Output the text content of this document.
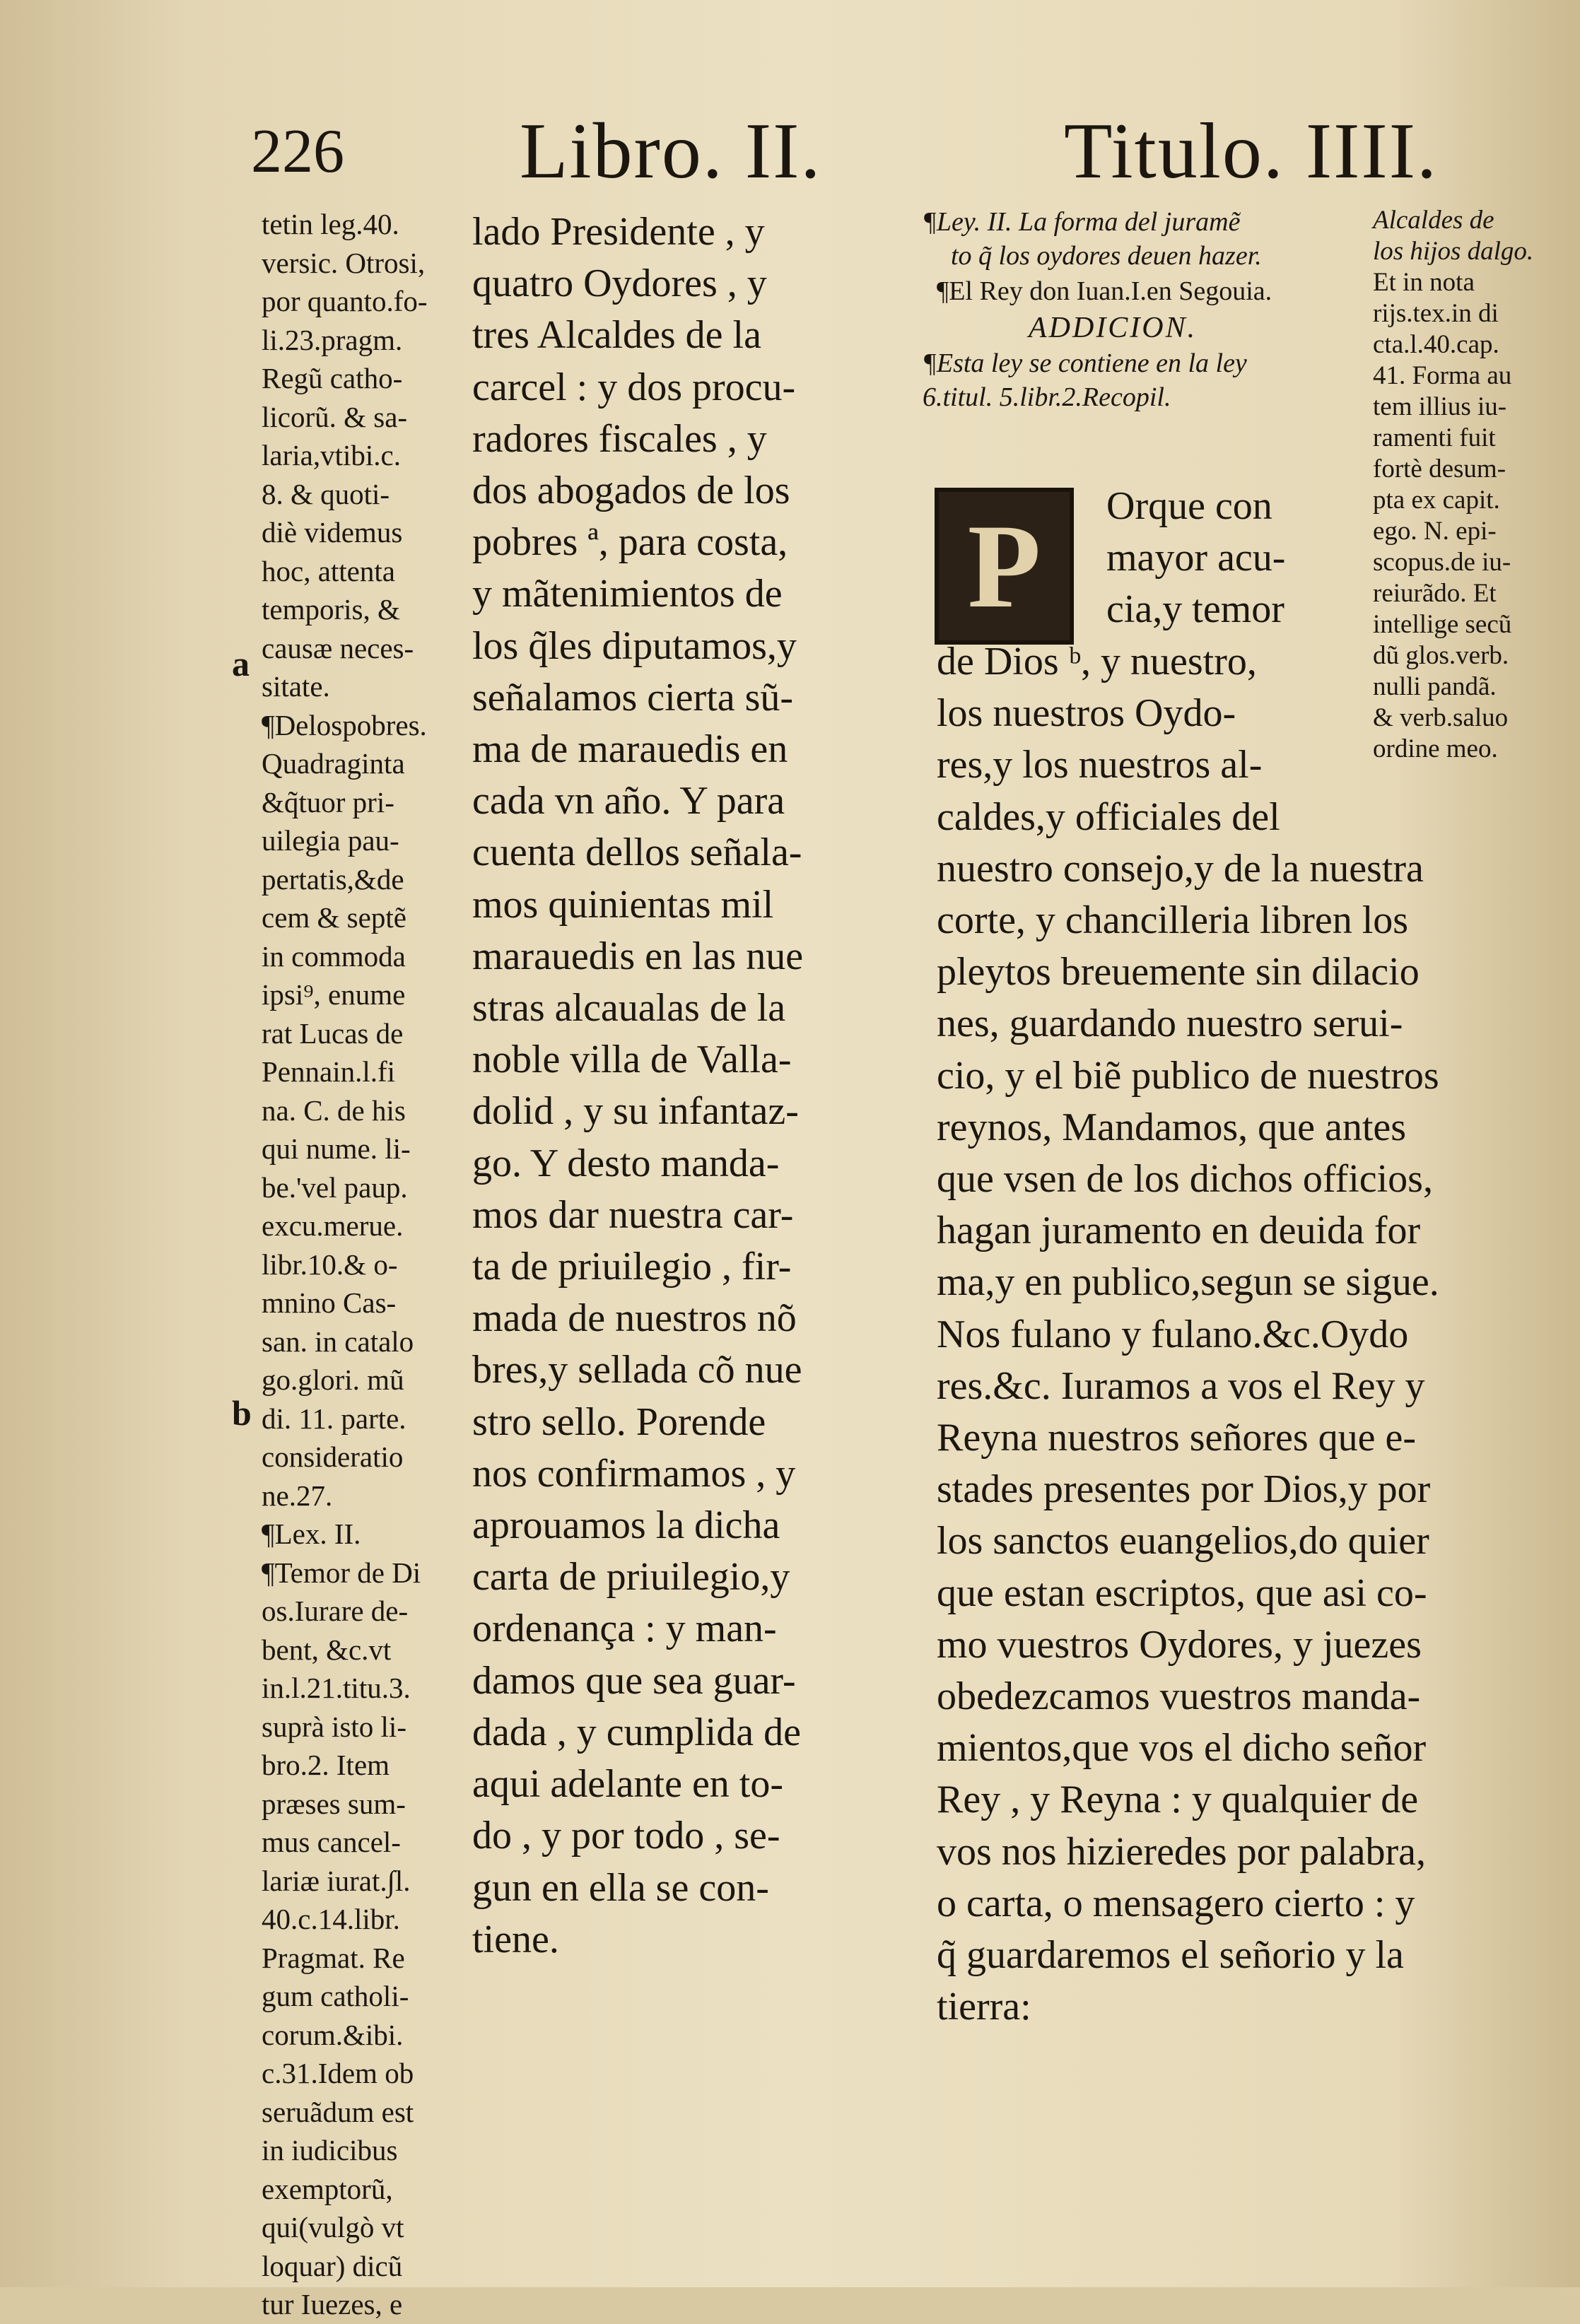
226 Libro. II.	Titulo. IIII.
a
b
tetin leg.40.
versic. Otrosi,
por quanto.fo-
li.23.pragm.
Regũ catho-
licorũ. & sa-
laria,vtibi.c.
8. & quoti-
diè videmus
hoc, attenta
temporis, &
causæ neces-
sitate.
¶Delospobres.
Quadraginta
&q̃tuor pri-
uilegia pau-
pertatis,&de
cem & septẽ
in commoda
ipsi⁹, enume
rat Lucas de
Pennain.l.fi
na. C. de his
qui nume. li-
be.'vel paup.
excu.merue.
libr.10.& o-
mnino Cas-
san. in catalo
go.glori. mũ
di. 11. parte.
consideratio
ne.27.
¶Lex. II.
¶Temor de Di
os.Iurare de-
bent, &c.vt
in.l.21.titu.3.
suprà isto li-
bro.2. Item
præses sum-
mus cancel-
lariæ iurat.∫l.
40.c.14.libr.
Pragmat. Re
gum catholi-
corum.&ibi.
c.31.Idem ob
seruãdum est
in iudicibus
exemptorũ,
qui(vulgò vt
loquar) dicũ
tur Iuezes, e
lado Presidente , y
quatro Oydores , y
tres Alcaldes de la
carcel : y dos procu-
radores fiscales , y
dos abogados de los
pobres ª, para costa,
y mãtenimientos de
los q̃les diputamos,y
señalamos cierta sũ-
ma de marauedis en
cada vn año. Y para
cuenta dellos señala-
mos quinientas mil
marauedis en las nue
stras alcaualas de la
noble villa de Valla-
dolid , y su infantaz-
go. Y desto manda-
mos dar nuestra car-
ta de priuilegio , fir-
mada de nuestros nõ
bres,y sellada cõ nue
stro sello. Porende
nos confirmamos , y
aprouamos la dicha
carta de priuilegio,y
ordenança : y man-
damos que sea guar-
dada , y cumplida de
aqui adelante en to-
do , y por todo , se-
gun en ella se con-
tiene.
¶Ley. II. La forma del juramẽ
to q̃ los oydores deuen hazer.
¶El Rey don Iuan.I.en Segouia.
ADDICION.
¶Esta ley se contiene en la ley
6.titul. 5.libr.2.Recopil.
P Orque con
mayor acu-
cia,y temor
de Dios ᵇ, y nuestro,
los nuestros Oydo-
res,y los nuestros al-
caldes,y officiales del
nuestro consejo,y de la nuestra
corte, y chancilleria libren los
pleytos breuemente sin dilacio
nes, guardando nuestro serui-
cio, y el biẽ publico de nuestros
reynos, Mandamos, que antes
que vsen de los dichos officios,
hagan juramento en deuida for
ma,y en publico,segun se sigue.
Nos fulano y fulano.&c.Oydo
res.&c. Iuramos a vos el Rey y
Reyna nuestros señores que e-
stades presentes por Dios,y por
los sanctos euangelios,do quier
que estan escriptos, que asi co-
mo vuestros Oydores, y juezes
obedezcamos vuestros manda-
mientos,que vos el dicho señor
Rey , y Reyna : y qualquier de
vos nos hizieredes por palabra,
o carta, o mensagero cierto : y
q̃ guardaremos el señorio y la
tierra:
Alcaldes de
los hijos dalgo.
Et in nota
rijs.tex.in di
cta.l.40.cap.
41. Forma au
tem illius iu-
ramenti fuit
fortè desum-
pta ex capit.
ego. N. epi-
scopus.de iu-
reiurãdo. Et
intellige secũ
dũ glos.verb.
nulli pandã.
& verb.saluo
ordine meo.
